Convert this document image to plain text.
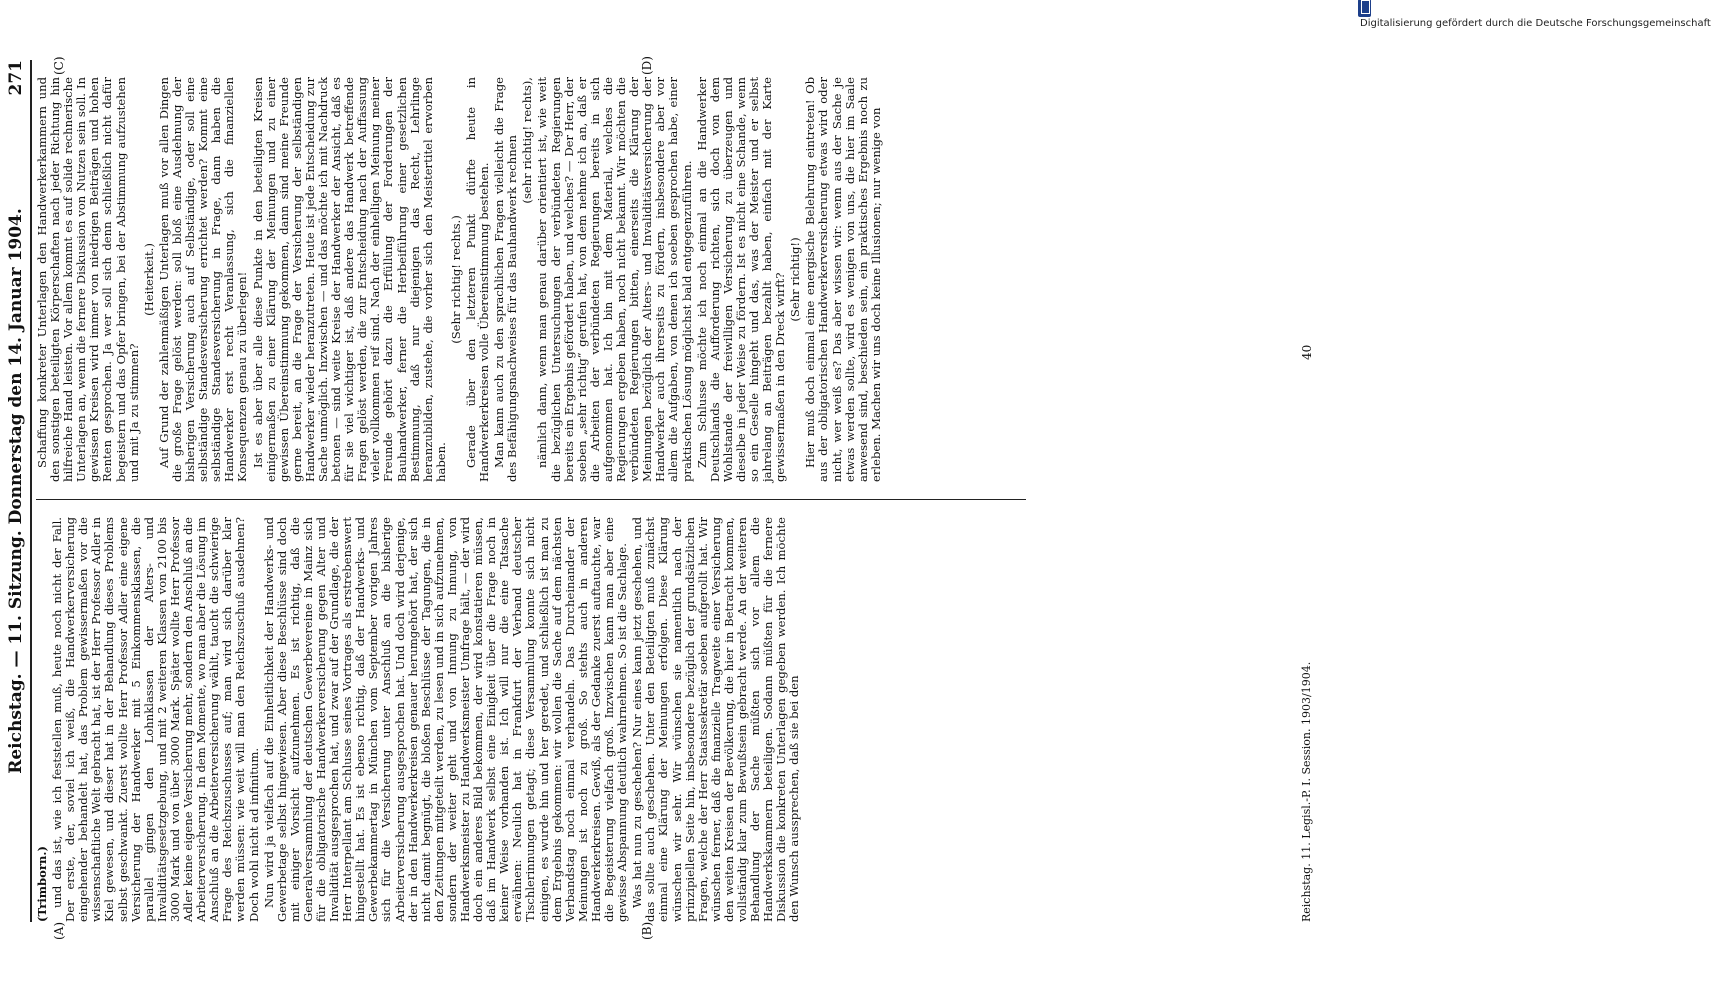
Reichstag. — 11. Sitzung. Donnerstag den 14. Januar 1904.
271
(A)	(B)
(C)	(D)
(Trimborn.) und das ist, wie ich feststellen muß, heute noch nicht der Fall. Der erste, der, soviel ich weiß, die Handwerkerversicherung eingehender behandelt hat, das Problem gewissermaßen vor die wissenschaftliche Welt gebracht hat, ist der Herr Professor Adler in Kiel gewesen, und dieser hat in der Behandlung dieses Problems selbst geschwankt. Zuerst wollte Herr Professor Adler eine eigene Versicherung der Handwerker mit 5 Einkommensklassen, die parallel gingen den Lohnklassen der Alters- und Invaliditätsgesetzgebung, und mit 2 weiteren Klassen von 2100 bis 3000 Mark und von über 3000 Mark. Später wollte Herr Professor Adler keine eigene Versicherung mehr, sondern den Anschluß an die Arbeiterversicherung. In dem Momente, wo man aber die Lösung im Anschluß an die Arbeiterversicherung wählt, taucht die schwierige Frage des Reichszuschusses auf; man wird sich darüber klar werden müssen: wie weit will man den Reichszuschuß ausdehnen? Doch wohl nicht ad infinitum. Nun wird ja vielfach auf die Einheitlichkeit der Handwerks- und Gewerbetage selbst hingewiesen. Aber diese Beschlüsse sind doch mit einiger Vorsicht aufzunehmen. Es ist richtig, daß die Generalversammlung der deutschen Gewerbevereine in Mainz sich für die obligatorische Handwerkerversicherung gegen Alter und Invalidität ausgesprochen hat, und zwar auf der Grundlage, die der Herr Interpellant am Schlusse seines Vortrages als erstrebenswert hingestellt hat. Es ist ebenso richtig, daß der Handwerks- und Gewerbekammertag in München vom September vorigen Jahres sich für die Versicherung unter Anschluß an die bisherige Arbeiterversicherung ausgesprochen hat. Und doch wird derjenige, der in den Handwerkerkreisen genauer herumgehört hat, der sich nicht damit begnügt, die bloßen Beschlüsse der Tagungen, die in den Zeitungen mitgeteilt werden, zu lesen und in sich aufzunehmen, sondern der weiter geht und von Innung zu Innung, von Handwerksmeister zu Handwerksmeister Umfrage hält, — der wird doch ein anderes Bild bekommen, der wird konstatieren müssen, daß im Handwerk selbst eine Einigkeit über die Frage noch in keiner Weise vorhanden ist. Ich will nur die eine Tatsache erwähnen: Neulich hat in Frankfurt der Verband deutscher Tischlerinnungen getagt; diese Versammlung konnte sich nicht einigen, es wurde hin und her geredet, und schließlich ist man zu dem Ergebnis gekommen: wir wollen die Sache auf dem nächsten Verbandstag noch einmal verhandeln. Das Durcheinander der Meinungen ist noch zu groß. So stehts auch in anderen Handwerkerkreisen. Gewiß, als der Gedanke zuerst auftauchte, war die Begeisterung vielfach groß. Inzwischen kann man aber eine gewisse Abspannung deutlich wahrnehmen. So ist die Sachlage. Was hat nun zu geschehen? Nur eines kann jetzt geschehen, und das sollte auch geschehen. Unter den Beteiligten muß zunächst einmal eine Klärung der Meinungen erfolgen. Diese Klärung wünschen wir sehr. Wir wünschen sie namentlich nach der prinzipiellen Seite hin, insbesondere bezüglich der grundsätzlichen Fragen, welche der Herr Staatssekretär soeben aufgerollt hat. Wir wünschen ferner, daß die finanzielle Tragweite einer Versicherung den weiten Kreisen der Bevölkerung, die hier in Betracht kommen, vollständig klar zum Bewußtsein gebracht werde. An der weiteren Behandlung der Sache müßten sich vor allem die Handwerkskammern beteiligen. Sodann müßten für die fernere Diskussion die konkreten Unterlagen gegeben werden. Ich möchte den Wunsch aussprechen, daß sie bei den

Schaffung konkreter Unterlagen den Handwerkerkammern und den sonstigen beteiligten Körperschaften nach jeder Richtung hin hilfreiche Hand leisten. Vor allem kommt es auf solide rechnerische Unterlagen an, wenn die fernere Diskussion von Nutzen sein soll. In gewissen Kreisen wird immer von niedrigen Beiträgen und hohen Renten gesprochen. Ja wer soll sich denn schließlich nicht dafür begeistern und das Opfer bringen, bei der Abstimmung aufzustehen und mit Ja zu stimmen?

(Heiterkeit.) Auf Grund der zahlenmäßigen Unterlagen muß vor allen Dingen die große Frage gelöst werden: soll bloß eine Ausdehnung der bisherigen Versicherung auch auf Selbständige, oder soll eine selbständige Standesversicherung errichtet werden? Kommt eine selbständige Standesversicherung in Frage, dann haben die Handwerker erst recht Veranlassung, sich die finanziellen Konsequenzen genau zu überlegen! Ist es aber über alle diese Punkte in den beteiligten Kreisen einigermaßen zu einer Klärung der Meinungen und zu einer gewissen Übereinstimmung gekommen, dann sind meine Freunde gerne bereit, an die Frage der Versicherung der selbständigen Handwerker wieder heranzutreten. Heute ist jede Entscheidung zur Sache unmöglich. Inzwischen — und das möchte ich mit Nachdruck betonen — sind weite Kreise der Handwerker der Ansicht, daß es für sie viel wichtiger ist, daß andere das Handwerk betreffende Fragen gelöst werden, die zur Entscheidung nach der Auffassung vieler vollkommen reif sind. Nach der einhelligen Meinung meiner Freunde gehört dazu die Erfüllung der Forderungen der Bauhandwerker, ferner die Herbeiführung einer gesetzlichen Bestimmung, daß nur diejenigen das Recht, Lehrlinge heranzubilden, zustehe, die vorher sich den Meistertitel erworben haben.

(Sehr richtig! rechts.) Gerade über den letzteren Punkt dürfte heute in Handwerkerkreisen volle Übereinstimmung bestehen. Man kann auch zu den sprachlichen Fragen vielleicht die Frage des Befähigungsnachweises für das Bauhandwerk rechnen (sehr richtig! rechts), nämlich dann, wenn man genau darüber orientiert ist, wie weit die bezüglichen Untersuchungen der verbündeten Regierungen bereits ein Ergebnis gefördert haben, und welches? — Der Herr, der soeben „sehr richtig“ gerufen hat, von dem nehme ich an, daß er die Arbeiten der verbündeten Regierungen bereits in sich aufgenommen hat. Ich bin mit dem Material, welches die Regierungen ergeben haben, noch nicht bekannt. Wir möchten die verbündeten Regierungen bitten, einerseits die Klärung der Meinungen bezüglich der Alters- und Invaliditätsversicherung der Handwerker auch ihrerseits zu fördern, insbesondere aber vor allem die Aufgaben, von denen ich soeben gesprochen habe, einer praktischen Lösung möglichst bald entgegenzuführen. Zum Schlusse möchte ich noch einmal an die Handwerker Deutschlands die Aufforderung richten, sich doch von dem Wohlstande der freiwilligen Versicherung zu überzeugen und dieselbe in jeder Weise zu fördern. Ist es nicht eine Schande, wenn so ein Geselle hingeht und das, was der Meister und er selbst jahrelang an Beiträgen bezahlt haben, einfach mit der Karte gewissermaßen in den Dreck wirft? (Sehr richtig!) Hier muß doch einmal eine energische Belehrung eintreten! Ob aus der obligatorischen Handwerkerversicherung etwas wird oder nicht, wer weiß es? Das aber wissen wir: wenn aus der Sache je etwas werden sollte, wird es wenigen von uns, die hier im Saale anwesend sind, beschieden sein, ein praktisches Ergebnis noch zu erleben. Machen wir uns doch keine Illusionen; nur wenige von

Reichstag. 11. Legisl.-P. I. Session. 1903/1904.
40
Digitalisierung gefördert durch die Deutsche Forschungsgemeinschaft
